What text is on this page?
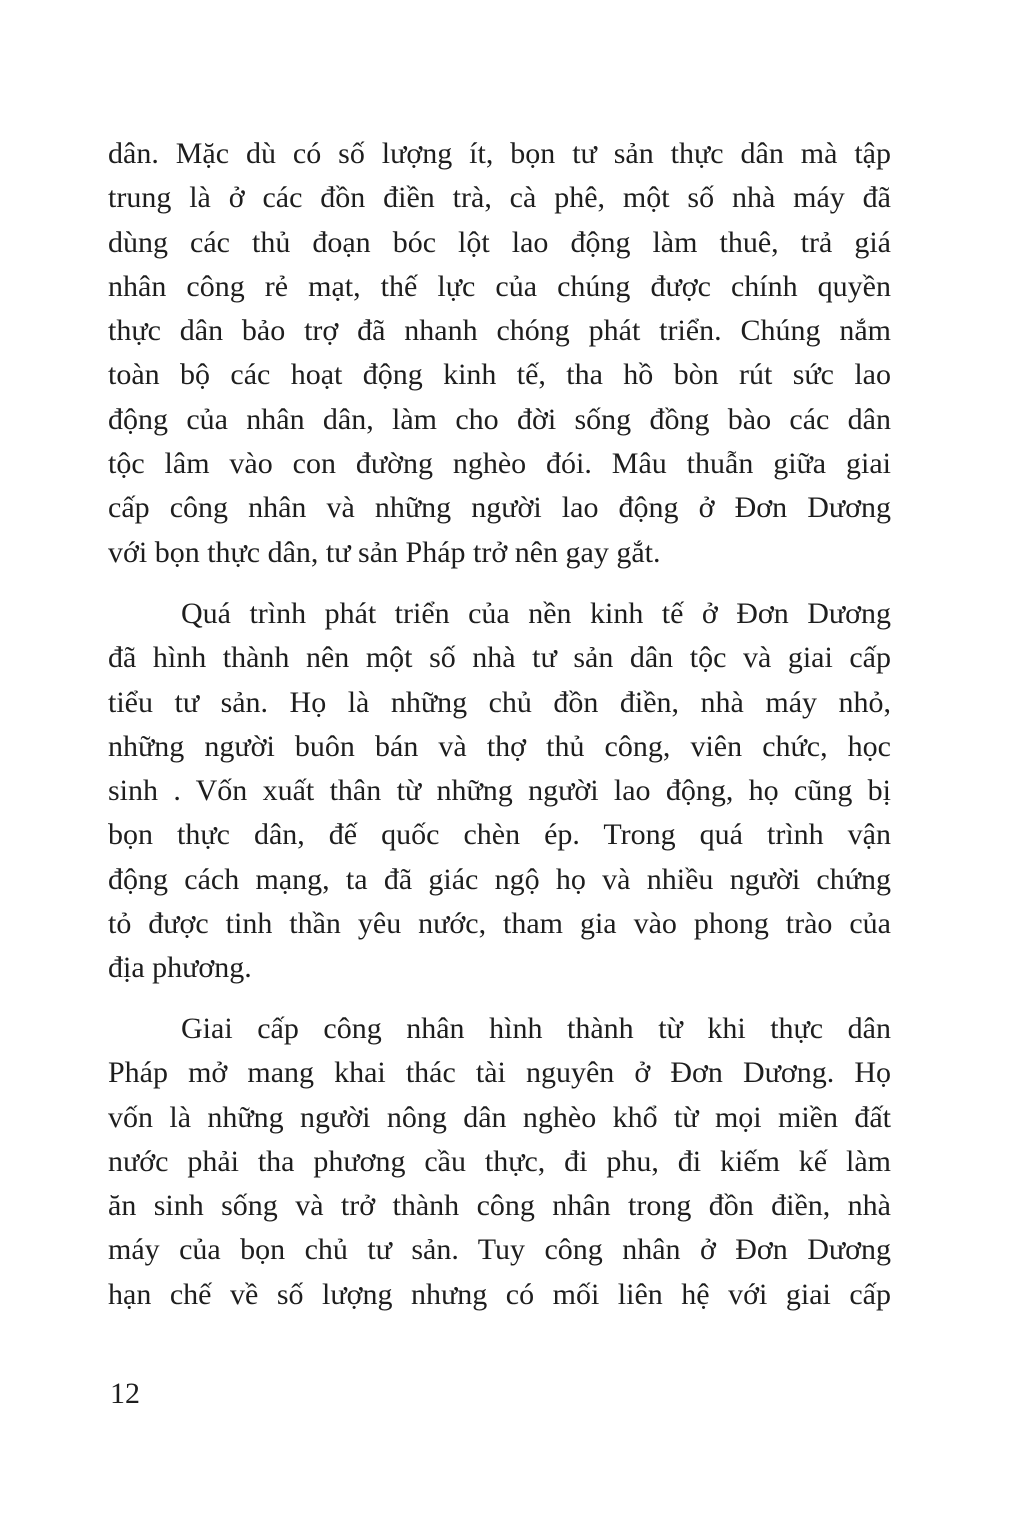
dân. Mặc dù có số lượng ít, bọn tư sản thực dân mà tập
trung là ở các đồn điền trà, cà phê, một số nhà máy đã
dùng các thủ đoạn bóc lột lao động làm thuê, trả giá
nhân công rẻ mạt, thế lực của chúng được chính quyền
thực dân bảo trợ đã nhanh chóng phát triển. Chúng nắm
toàn bộ các hoạt động kinh tế, tha hồ bòn rút sức lao
động của nhân dân, làm cho đời sống đồng bào các dân
tộc lâm vào con đường nghèo đói. Mâu thuẫn giữa giai
cấp công nhân và những người lao động ở Đơn Dương
với bọn thực dân, tư sản Pháp trở nên gay gắt.
Quá trình phát triển của nền kinh tế ở Đơn Dương
đã hình thành nên một số nhà tư sản dân tộc và giai cấp
tiểu tư sản. Họ là những chủ đồn điền, nhà máy nhỏ,
những người buôn bán và thợ thủ công, viên chức, học
sinh . Vốn xuất thân từ những người lao động, họ cũng bị
bọn thực dân, đế quốc chèn ép. Trong quá trình vận
động cách mạng, ta đã giác ngộ họ và nhiều người chứng
tỏ được tinh thần yêu nước, tham gia vào phong trào của
địa phương.
Giai cấp công nhân hình thành từ khi thực dân
Pháp mở mang khai thác tài nguyên ở Đơn Dương. Họ
vốn là những người nông dân nghèo khổ từ mọi miền đất
nước phải tha phương cầu thực, đi phu, đi kiếm kế làm
ăn sinh sống và trở thành công nhân trong đồn điền, nhà
máy của bọn chủ tư sản. Tuy công nhân ở Đơn Dương
hạn chế về số lượng nhưng có mối liên hệ với giai cấp
12
